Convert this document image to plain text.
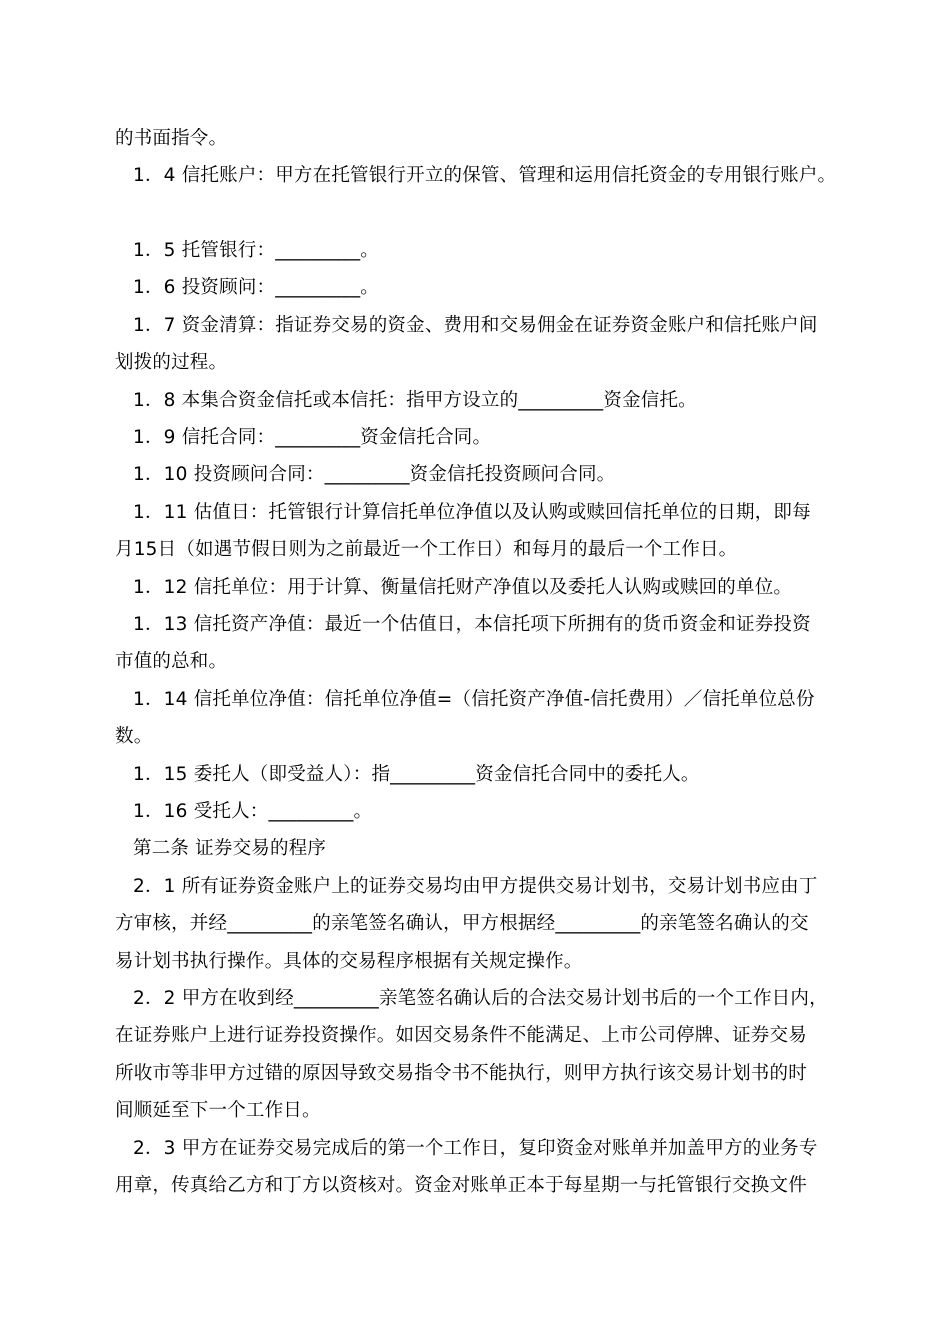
的书面指令。
1．4 信托账户：甲方在托管银行开立的保管、管理和运用信托资金的专用银行账户。
1．5 托管银行：_________。
1．6 投资顾问：_________。
1．7 资金清算：指证券交易的资金、费用和交易佣金在证券资金账户和信托账户间
划拨的过程。
1．8 本集合资金信托或本信托：指甲方设立的_________资金信托。
1．9 信托合同：_________资金信托合同。
1．10 投资顾问合同：_________资金信托投资顾问合同。
1．11 估值日：托管银行计算信托单位净值以及认购或赎回信托单位的日期，即每
月15日（如遇节假日则为之前最近一个工作日）和每月的最后一个工作日。
1．12 信托单位：用于计算、衡量信托财产净值以及委托人认购或赎回的单位。
1．13 信托资产净值：最近一个估值日，本信托项下所拥有的货币资金和证券投资
市值的总和。
1．14 信托单位净值：信托单位净值=（信托资产净值-信托费用）／信托单位总份
数。
1．15 委托人（即受益人）：指_________资金信托合同中的委托人。
1．16 受托人：_________。
第二条 证券交易的程序
2．1 所有证券资金账户上的证券交易均由甲方提供交易计划书，交易计划书应由丁
方审核，并经_________的亲笔签名确认，甲方根据经_________的亲笔签名确认的交
易计划书执行操作。具体的交易程序根据有关规定操作。
2．2 甲方在收到经_________亲笔签名确认后的合法交易计划书后的一个工作日内，
在证券账户上进行证券投资操作。如因交易条件不能满足、上市公司停牌、证券交易
所收市等非甲方过错的原因导致交易指令书不能执行，则甲方执行该交易计划书的时
间顺延至下一个工作日。
2．3 甲方在证券交易完成后的第一个工作日，复印资金对账单并加盖甲方的业务专
用章，传真给乙方和丁方以资核对。资金对账单正本于每星期一与托管银行交换文件
